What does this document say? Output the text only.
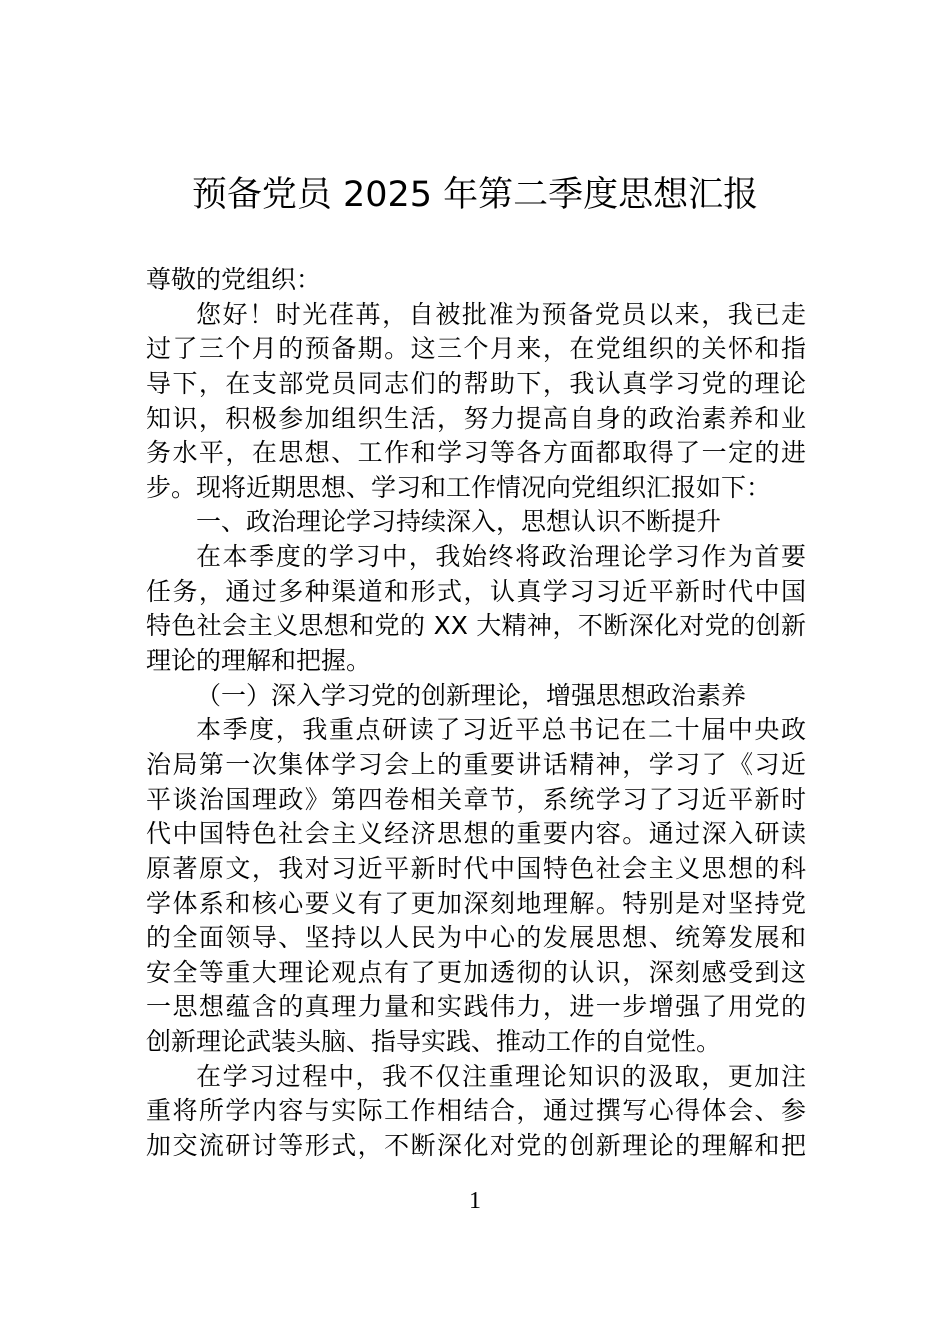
预备党员 2025 年第二季度思想汇报
尊敬的党组织：
您好！时光荏苒，自被批准为预备党员以来，我已走
过了三个月的预备期。这三个月来，在党组织的关怀和指
导下，在支部党员同志们的帮助下，我认真学习党的理论
知识，积极参加组织生活，努力提高自身的政治素养和业
务水平，在思想、工作和学习等各方面都取得了一定的进
步。现将近期思想、学习和工作情况向党组织汇报如下：
一、政治理论学习持续深入，思想认识不断提升
在本季度的学习中，我始终将政治理论学习作为首要
任务，通过多种渠道和形式，认真学习习近平新时代中国
特色社会主义思想和党的 XX 大精神，不断深化对党的创新
理论的理解和把握。
（一）深入学习党的创新理论，增强思想政治素养
本季度，我重点研读了习近平总书记在二十届中央政
治局第一次集体学习会上的重要讲话精神，学习了《习近
平谈治国理政》第四卷相关章节，系统学习了习近平新时
代中国特色社会主义经济思想的重要内容。通过深入研读
原著原文，我对习近平新时代中国特色社会主义思想的科
学体系和核心要义有了更加深刻地理解。特别是对坚持党
的全面领导、坚持以人民为中心的发展思想、统筹发展和
安全等重大理论观点有了更加透彻的认识，深刻感受到这
一思想蕴含的真理力量和实践伟力，进一步增强了用党的
创新理论武装头脑、指导实践、推动工作的自觉性。
在学习过程中，我不仅注重理论知识的汲取，更加注
重将所学内容与实际工作相结合，通过撰写心得体会、参
加交流研讨等形式，不断深化对党的创新理论的理解和把
1
